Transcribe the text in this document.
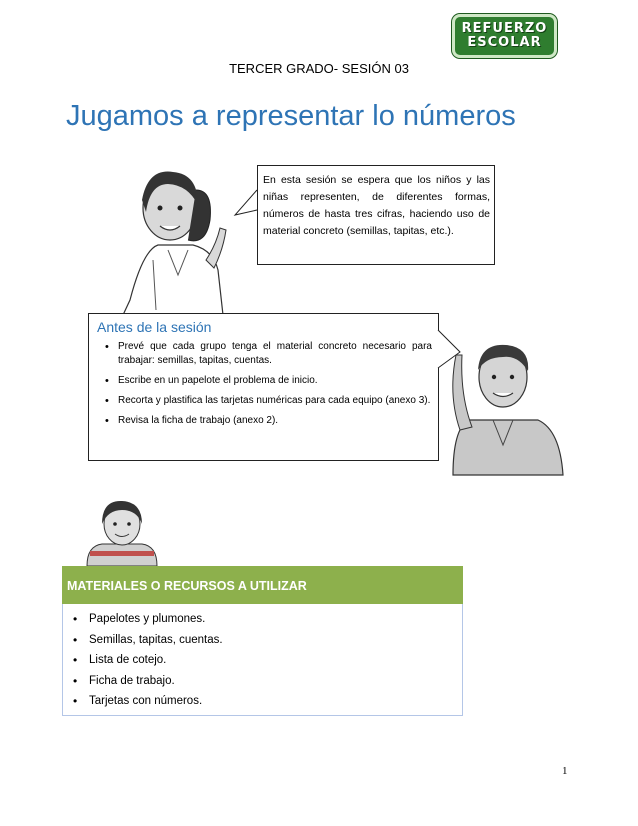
REFUERZO
ESCOLAR
TERCER GRADO- SESIÓN 03
Jugamos a representar lo números

En esta sesión se espera que los niños y las niñas representen, de diferentes formas, números de hasta tres cifras, haciendo uso de material concreto (semillas, tapitas, etc.).

Antes de la sesión
• Prevé que cada grupo tenga el material concreto necesario para trabajar: semillas, tapitas, cuentas.
• Escribe en un papelote el problema de inicio.
• Recorta y plastifica las tarjetas numéricas para cada equipo (anexo 3).
• Revisa la ficha de trabajo (anexo 2).
MATERIALES O RECURSOS A UTILIZAR
• Papelotes y plumones.
• Semillas, tapitas, cuentas.
• Lista de cotejo.
• Ficha de trabajo.
• Tarjetas con números.
1
